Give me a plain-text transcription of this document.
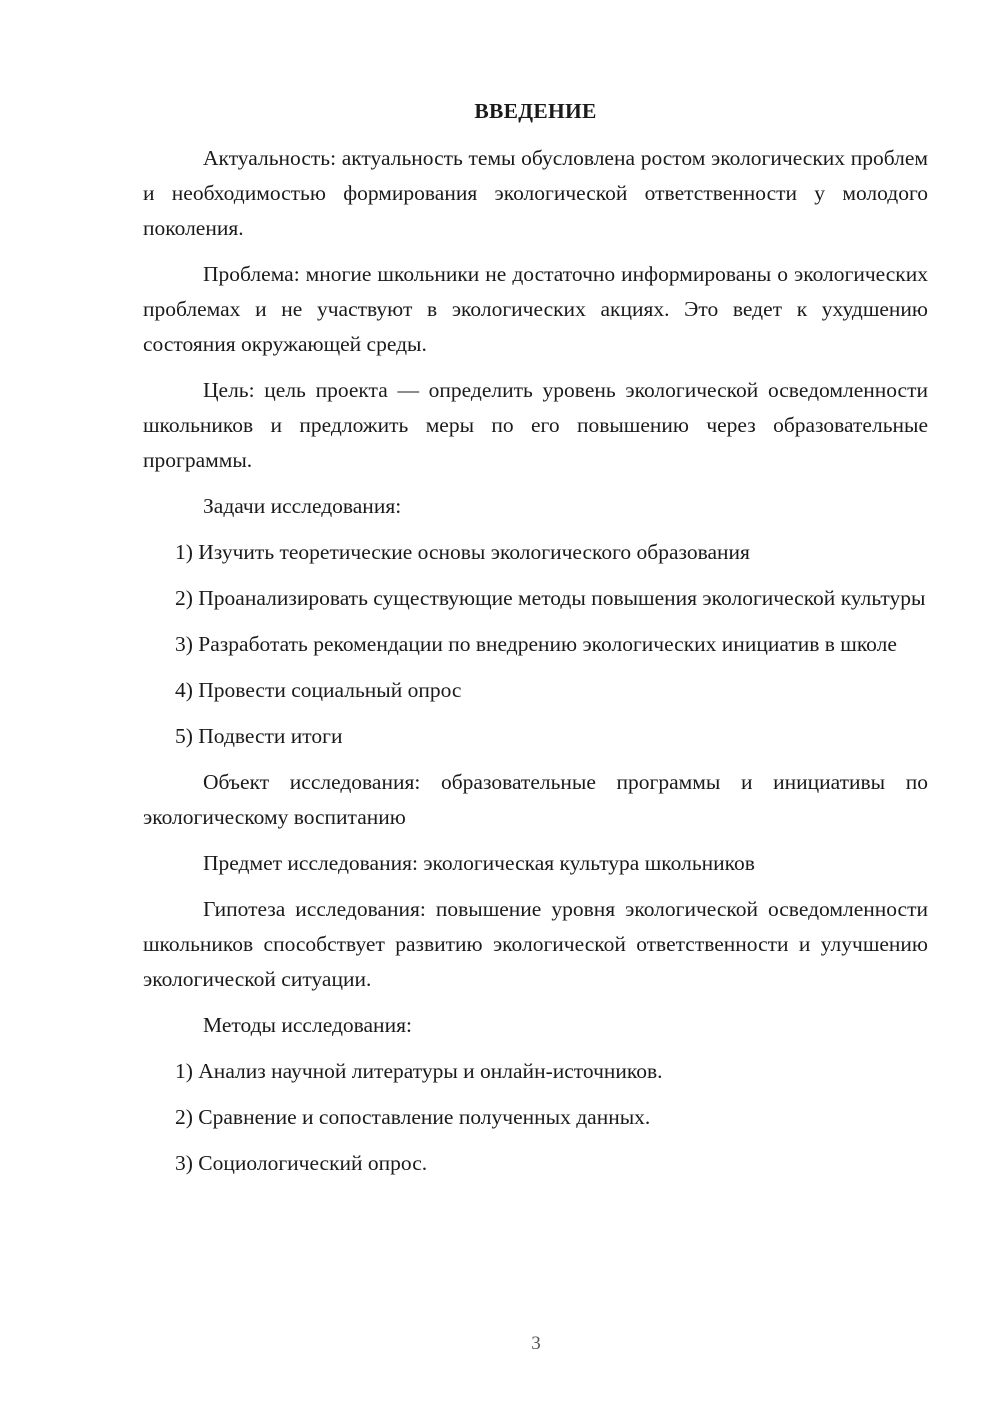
ВВЕДЕНИЕ

Актуальность: актуальность темы обусловлена ростом экологических проблем и необходимостью формирования экологической ответственности у молодого поколения.

Проблема: многие школьники не достаточно информированы о экологических проблемах и не участвуют в экологических акциях. Это ведет к ухудшению состояния окружающей среды.

Цель: цель проекта — определить уровень экологической осведомленности школьников и предложить меры по его повышению через образовательные программы.

Задачи исследования:

1) Изучить теоретические основы экологического образования

2) Проанализировать существующие методы повышения экологической культуры

3) Разработать рекомендации по внедрению экологических инициатив в школе

4) Провести социальный опрос

5) Подвести итоги

Объект исследования: образовательные программы и инициативы по экологическому воспитанию

Предмет исследования: экологическая культура школьников

Гипотеза исследования: повышение уровня экологической осведомленности школьников способствует развитию экологической ответственности и улучшению экологической ситуации.

Методы исследования:

1) Анализ научной литературы и онлайн-источников.

2) Сравнение и сопоставление полученных данных.

3) Социологический опрос.

3
